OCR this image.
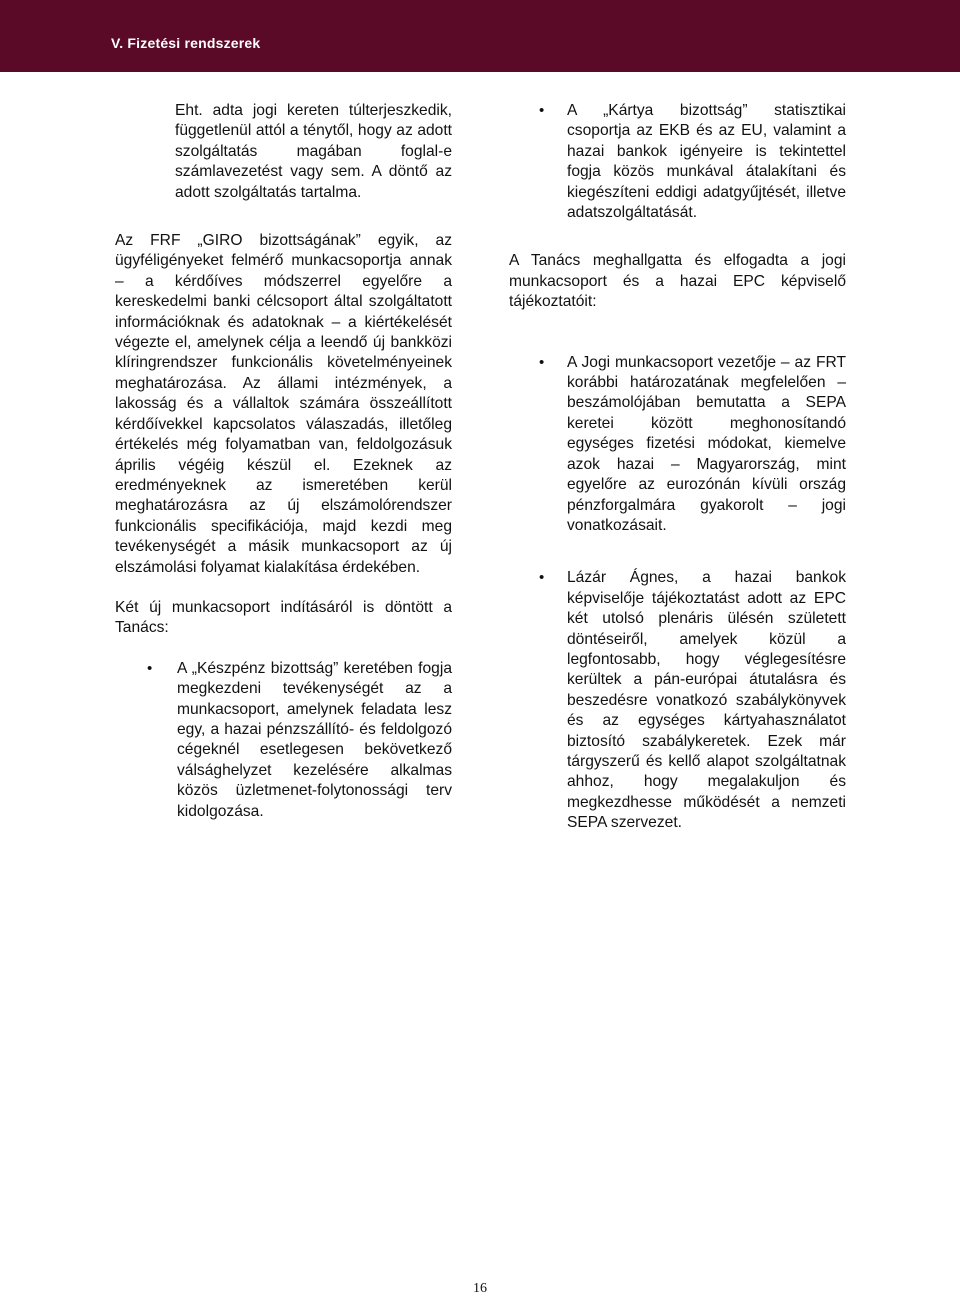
V. Fizetési rendszerek

Eht. adta jogi kereten túlterjeszkedik, függetlenül attól a ténytől, hogy az adott szolgáltatás magában foglal-e számlavezetést vagy sem. A döntő az adott szolgáltatás tartalma.

Az FRF „GIRO bizottságának” egyik, az ügyféligényeket felmérő munkacsoportja annak – a kérdőíves módszerrel egyelőre a kereskedelmi banki célcsoport által szolgáltatott információknak és adatoknak – a kiértékelését végezte el, amelynek célja a leendő új bankközi klíringrendszer funkcionális követelményeinek meghatározása. Az állami intézmények, a lakosság és a vállaltok számára összeállított kérdőívekkel kapcsolatos válaszadás, illetőleg értékelés még folyamatban van, feldolgozásuk április végéig készül el. Ezeknek az eredményeknek az ismeretében kerül meghatározásra az új elszámolórendszer funkcionális specifikációja, majd kezdi meg tevékenységét a másik munkacsoport az új elszámolási folyamat kialakítása érdekében.

Két új munkacsoport indításáról is döntött a Tanács:

• A „Készpénz bizottság” keretében fogja megkezdeni tevékenységét az a munkacsoport, amelynek feladata lesz egy, a hazai pénzszállító- és feldolgozó cégeknél esetlegesen bekövetkező válsághelyzet kezelésére alkalmas közös üzletmenet-folytonossági terv kidolgozása.
• A „Kártya bizottság” statisztikai csoportja az EKB és az EU, valamint a hazai bankok igényeire is tekintettel fogja közös munkával átalakítani és kiegészíteni eddigi adatgyűjtését, illetve adatszolgáltatását.

A Tanács meghallgatta és elfogadta a jogi munkacsoport és a hazai EPC képviselő tájékoztatóit:

• A Jogi munkacsoport vezetője – az FRT korábbi határozatának megfelelően – beszámolójában bemutatta a SEPA keretei között meghonosítandó egységes fizetési módokat, kiemelve azok hazai – Magyarország, mint egyelőre az eurozónán kívüli ország pénzforgalmára gyakorolt – jogi vonatkozásait.
• Lázár Ágnes, a hazai bankok képviselője tájékoztatást adott az EPC két utolsó plenáris ülésén született döntéseiről, amelyek közül a legfontosabb, hogy véglegesítésre kerültek a pán-európai átutalásra és beszedésre vonatkozó szabálykönyvek és az egységes kártyahasználatot biztosító szabálykeretek. Ezek már tárgyszerű és kellő alapot szolgáltatnak ahhoz, hogy megalakuljon és megkezdhesse működését a nemzeti SEPA szervezet.
16
